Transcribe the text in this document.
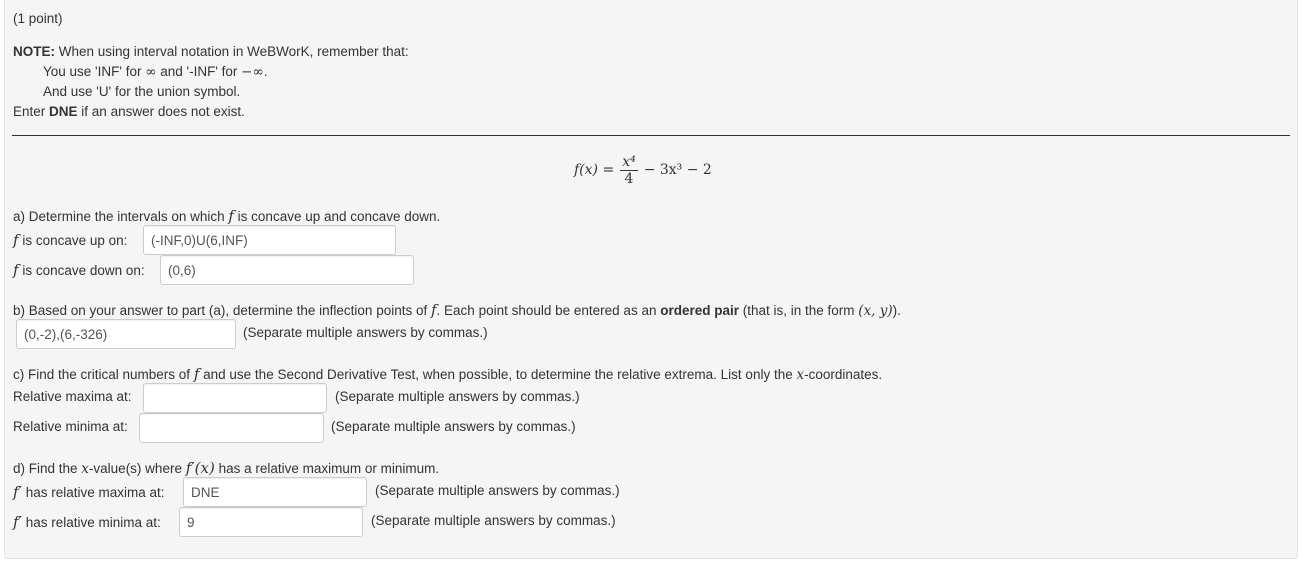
(1 point)
NOTE: When using interval notation in WeBWorK, remember that:
You use 'INF' for ∞ and '-INF' for −∞.
And use 'U' for the union symbol.
Enter DNE if an answer does not exist.
$f(x) = \frac{\text{x⁴}}{4} - 3x^3 - 2$
a) Determine the intervals on which f is concave up and concave down.
f is concave up on:
(-INF,0)U(6,INF)
f is concave down on:
(0,6)
b) Based on your answer to part (a), determine the inflection points of f. Each point should be entered as an ordered pair (that is, in the form (x, y)).
(0,-2),(6,-326)
(Separate multiple answers by commas.)
c) Find the critical numbers of f and use the Second Derivative Test, when possible, to determine the relative extrema. List only the x-coordinates.
Relative maxima at:	(Separate multiple answers by commas.)
Relative minima at:	(Separate multiple answers by commas.)
d) Find the x-value(s) where f′(x) has a relative maximum or minimum.
f′ has relative maxima at:
DNE	(Separate multiple answers by commas.)
f′ has relative minima at:
9	(Separate multiple answers by commas.)
